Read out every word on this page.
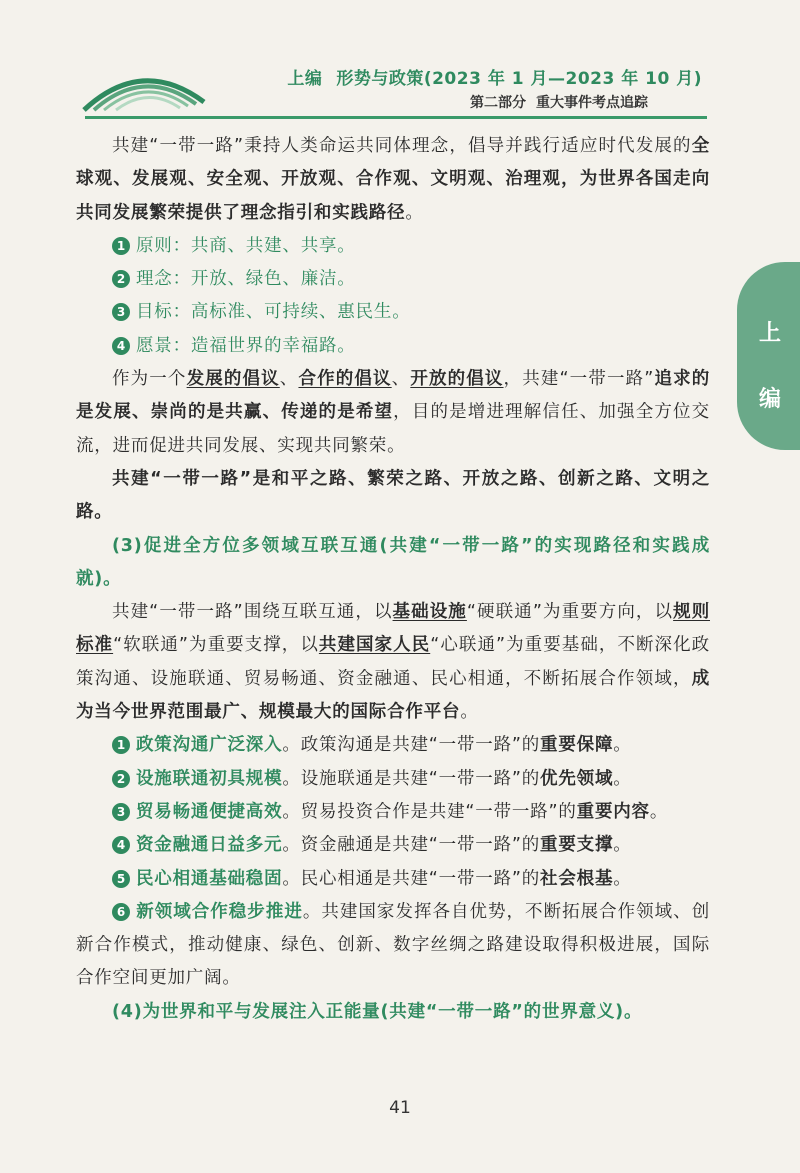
上编 形势与政策(2023 年 1 月—2023 年 10 月)
第二部分 重大事件考点追踪
上
编

共建“一带一路”秉持人类命运共同体理念，倡导并践行适应时代发展的全球观、发展观、安全观、开放观、合作观、文明观、治理观，为世界各国走向共同发展繁荣提供了理念指引和实践路径。

1 原则：共商、共建、共享。

2 理念：开放、绿色、廉洁。

3 目标：高标准、可持续、惠民生。

4 愿景：造福世界的幸福路。

作为一个发展的倡议、合作的倡议、开放的倡议，共建“一带一路”追求的是发展、崇尚的是共赢、传递的是希望，目的是增进理解信任、加强全方位交流，进而促进共同发展、实现共同繁荣。

共建“一带一路”是和平之路、繁荣之路、开放之路、创新之路、文明之路。

(3)促进全方位多领域互联互通(共建“一带一路”的实现路径和实践成就)。

共建“一带一路”围绕互联互通，以基础设施“硬联通”为重要方向，以规则标准“软联通”为重要支撑，以共建国家人民“心联通”为重要基础，不断深化政策沟通、设施联通、贸易畅通、资金融通、民心相通，不断拓展合作领域，成为当今世界范围最广、规模最大的国际合作平台。

1 政策沟通广泛深入。政策沟通是共建“一带一路”的重要保障。

2 设施联通初具规模。设施联通是共建“一带一路”的优先领域。

3 贸易畅通便捷高效。贸易投资合作是共建“一带一路”的重要内容。

4 资金融通日益多元。资金融通是共建“一带一路”的重要支撑。

5 民心相通基础稳固。民心相通是共建“一带一路”的社会根基。

6 新领域合作稳步推进。共建国家发挥各自优势，不断拓展合作领域、创新合作模式，推动健康、绿色、创新、数字丝绸之路建设取得积极进展，国际合作空间更加广阔。

(4)为世界和平与发展注入正能量(共建“一带一路”的世界意义)。

41
